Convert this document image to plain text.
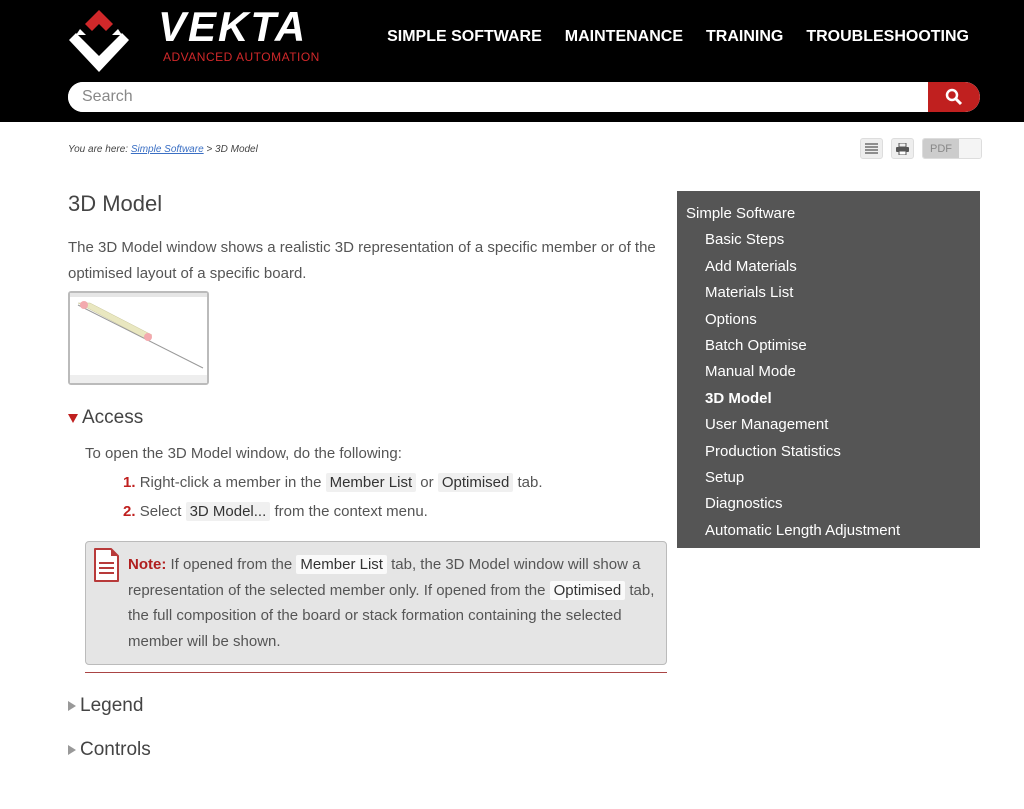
VEKTA
ADVANCED AUTOMATION
SIMPLE SOFTWARE MAINTENANCE TRAINING TROUBLESHOOTING
Search
You are here: Simple Software > 3D Model	PDF
3D Model

The 3D Model window shows a realistic 3D representation of a specific member or of the optimised layout of a specific board.

Access

To open the 3D Model window, do the following:

1. Right-click a member in the Member List or Optimised tab.

2. Select 3D Model... from the context menu.

Note: If opened from the Member List tab, the 3D Model window will show a representation of the selected member only. If opened from the Optimised tab, the full composition of the board or stack formation containing the selected member will be shown.

Legend
Controls
Simple Software
Basic Steps
Add Materials
Materials List
Options
Batch Optimise
Manual Mode
3D Model
User Management
Production Statistics
Setup
Diagnostics
Automatic Length Adjustment
